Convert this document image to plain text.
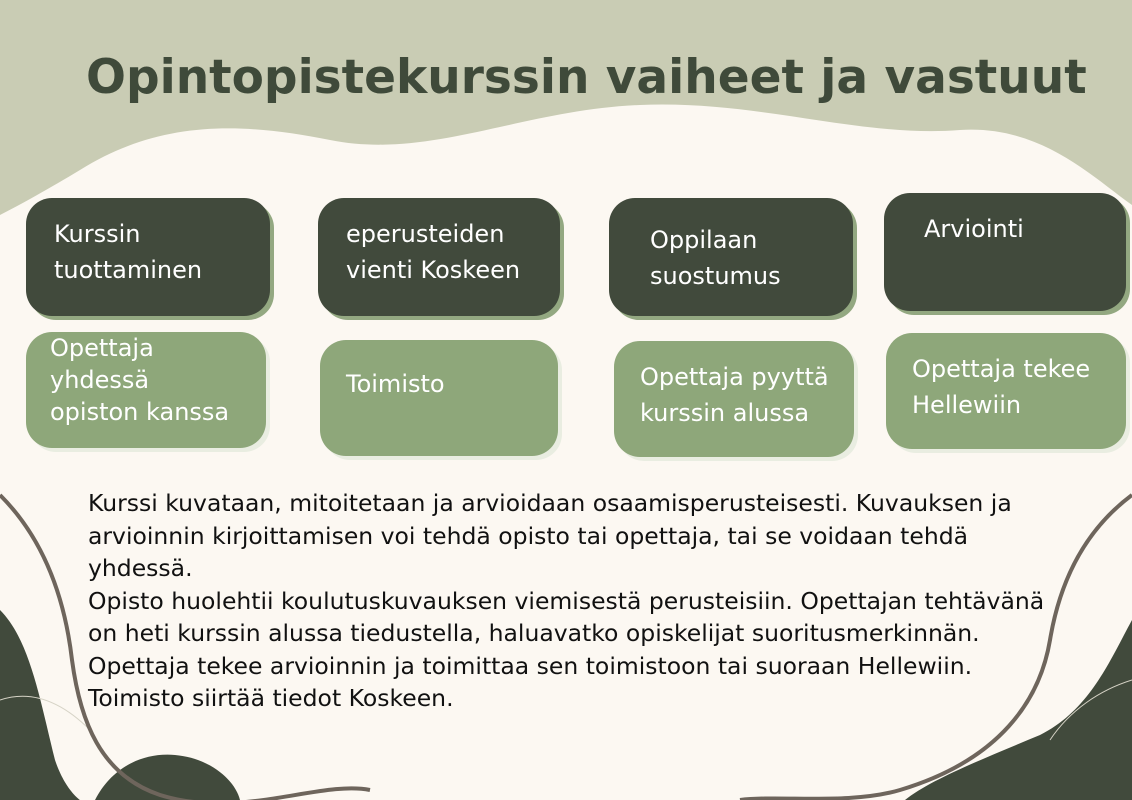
Opintopistekurssin vaiheet ja vastuut
Kurssin
tuottaminen
eperusteiden
vienti Koskeen
Oppilaan
suostumus
Arviointi
Opettaja
yhdessä
opiston kanssa
Toimisto	Opettaja pyyttä
kurssin alussa
Opettaja tekee
Hellewiin

Kurssi kuvataan, mitoitetaan ja arvioidaan osaamisperusteisesti. Kuvauksen ja arvioinnin kirjoittamisen voi tehdä opisto tai opettaja, tai se voidaan tehdä yhdessä.

Opisto huolehtii koulutuskuvauksen viemisestä perusteisiin. Opettajan tehtävänä on heti kurssin alussa tiedustella, haluavatko opiskelijat suoritusmerkinnän. Opettaja tekee arvioinnin ja toimittaa sen toimistoon tai suoraan Hellewiin. Toimisto siirtää tiedot Koskeen.
